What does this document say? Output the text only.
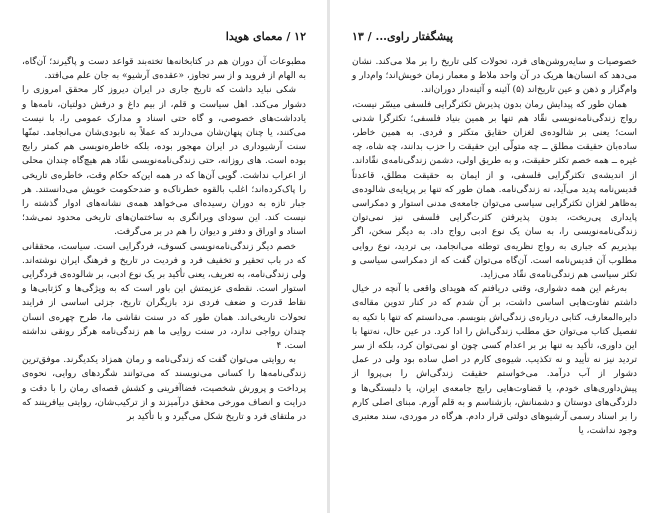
۱۲ / معمای هویدا

مطبوعات آن دوران هم در کتابخانه‌ها تخته‌بند قواعد دست و پاگیرند؛ آن‌گاه، به الهام از فروید و از سر تجاوز، «عقده‌ی آرشیو» به جان علم می‌افتد.

شکی نباید داشت که تاریخ جاری در ایران دیروز کار محقق امروزی را دشوار می‌کند. اهل سیاست و قلم، از بیم داغ و درفش دولتیان، نامه‌ها و یادداشت‌های خصوصی، و گاه حتی اسناد و مدارک عمومی را، با نیست می‌کنند، یا چنان پنهان‌شان می‌دارند که عملاً به نابودی‌شان می‌انجامد. تمنّها سنت آرشیوداری در ایران مهجور بوده، بلکه خاطره‌نویسی هم کمتر رایج بوده است. های روزانه، حتی زندگی‌نامه‌نویسی نقّاد هم هیچ‌گاه چندان محلی از اعراب نداشت. گویی آن‌ها که در همه این‌که حکام وقت، خاطره‌ی تاریخی را پاک‌کرده‌اند؛ اغلب بالقوه خطرناک‌ه و ضدحکومت خویش می‌دانستند. هر جبار تازه به دوران رسیده‌ای می‌خواهد همه‌ی نشانه‌های ادوار گذشته را نیست کند. این سودای ویرانگری به ساختمان‌های تاریخی محدود نمی‌شد؛ اسناد و اوراق و دفتر و دیوان را هم در بر می‌گرفت.

خصم دیگر زندگی‌نامه‌نویسی کسوف، فردگرایی است. سیاست، محققانی که در باب تحقیر و تخفیف فرد و فردیت در تاریخ و فرهنگ ایران نوشته‌اند. ولی زندگی‌نامه، به تعریف، یعنی تأکید بر یک نوع ادبی، بر شالوده‌ی فردگرایی استوار است. نقطه‌ی عزیمتش این باور است که به ویژگی‌ها و کژتابی‌ها و نقاط قدرت و ضعف فردی نزد بازیگران تاریخ، جزئی اساسی از فرایند تحولات تاریخی‌اند. همان طور که در سنت نقاشی ما، طرح چهره‌ی انسان چندان رواجی ندارد، در سنت روایی ما هم زندگی‌نامه هرگز رونقی نداشته است. ۴

به روایتی می‌توان گفت که زندگی‌نامه و رمان همزاد یکدیگرند. موفق‌ترین زندگی‌نامه‌ها را کسانی می‌نویسند که می‌توانند شگردهای روایی، نحوه‌ی پرداخت و پرورش شخصیت، فضاآفرینی و کشش قصه‌ای رمان را با دقت و درایت و انصاف مورخی محقق درآمیزند و از ترکیب‌شان، روایتی بیافرینند که در ملتقای فرد و تاریخ شکل می‌گیرد و با تأکید بر

پیشگفتار راوی... / ۱۳

خصوصیات و سایه‌روشن‌های فرد، تحولات کلی تاریخ را بر ملا می‌کند. نشان می‌دهد که انسان‌ها هریک در آن واحد ملاط و معمار زمان خویش‌اند؛ وام‌دار و وام‌گزار و ذهن و عین تاریخ‌اند (۵) آئینه و آئینه‌دار دوران‌اند.

همان طور که پیدایش رمان بدون پذیرش تکثرگرایی فلسفی میسّر نیست، رواج زندگی‌نامه‌نویسی نقّاد هم تنها بر همین بنیاد فلسفی؛ تکثرگرا شدنی است؛ یعنی بر شالوده‌ی لغزان حقایق متکثر و فردی. به همین خاطر، ساده‌بان حقیقت مطلق ــ چه متولّی این حقیقت را حزب بدانند، چه شاه، چه غیره ــ همه خصم تکثر حقیقت، و به طریق اولی، دشمن زندگی‌نامه‌ی نقّاداند. از اندیشه‌ی تکثرگرایی فلسفی، و از ایمان به حقیقت مطلق، قاعدتاً قدیس‌نامه پدید می‌آید، نه زندگی‌نامه. همان طور که تنها بر پرپایه‌ی شالوده‌ی به‌ظاهر لغزان تکثرگرایی سیاسی می‌توان جامعه‌ی مدنی استوار و دمکراسی پایداری پی‌ریخت، بدون پذیرفتن کثرت‌گرایی فلسفی نیز نمی‌توان زندگی‌نامه‌نویسی را، به سان یک نوع ادبی رواج داد. به دیگر سخن، اگر بپذیریم که جباری به رواج نظریه‌ی توطئه می‌انجامد، بی تردید، نوع روایی مطلوب آن قدیس‌نامه است. آن‌گاه می‌توان گفت که از دمکراسی سیاسی و تکثر سیاسی هم زندگی‌نامه‌ی نقّاد می‌زاید.

به‌رغم این همه دشواری، وقتی دریافتم که هویدای واقعی با آنچه در خیال داشتم تفاوت‌هایی اساسی داشت، بر آن شدم که در کنار تدوین مقاله‌ی دایره‌المعارف، کتابی درباره‌ی زندگی‌اش بنویسم. می‌دانستم که تنها با تکیه به تفصیل کتاب می‌توان حق مطلب زندگی‌اش را ادا کرد. در عین حال، نه‌تنها با این داوری، تأکید به تنها بر بر اعدام کسی چون او نمی‌توان کرد، بلکه از سر تردید نیز نه تأیید و نه تکذیب. شیوه‌ی کارم در اصل ساده بود ولی در عمل دشوار از آب درآمد. می‌خواستم حقیقت زندگی‌اش را بی‌پروا از پیش‌داوری‌های خودم، یا قضاوت‌هایی رایج جامعه‌ی ایران، یا دلبستگی‌ها و دلزدگی‌های دوستان و دشمنانش، بازشناسم و به قلم آورم. مبنای اصلی کارم را بر اسناد رسمی آرشیوهای دولتی قرار دادم. هرگاه در موردی، سند معتبری وجود نداشت، یا
